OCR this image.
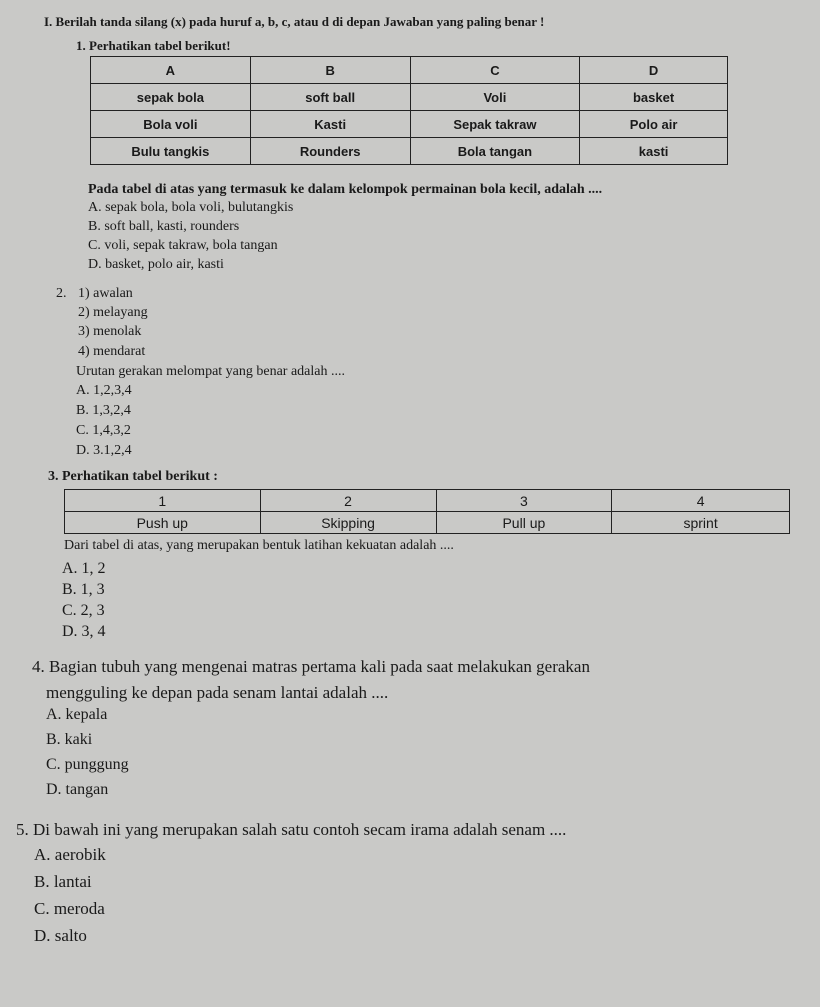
I. Berilah tanda silang (x) pada huruf a, b, c, atau d di depan Jawaban yang paling benar !
1. Perhatikan tabel berikut!
A	B	C	D
sepak bola	soft ball	Voli	basket
Bola voli	Kasti	Sepak takraw	Polo air
Bulu tangkis	Rounders	Bola tangan	kasti
Pada tabel di atas yang termasuk ke dalam kelompok permainan bola kecil, adalah ....
A. sepak bola, bola voli, bulutangkis
B. soft ball, kasti, rounders
C. voli, sepak takraw, bola tangan
D. basket, polo air, kasti
2. 1) awalan
2) melayang
3) menolak
4) mendarat
Urutan gerakan melompat yang benar adalah ....
A. 1,2,3,4
B. 1,3,2,4
C. 1,4,3,2
D. 3.1,2,4
3. Perhatikan tabel berikut :
1	2	3	4
Push up	Skipping	Pull up	sprint
Dari tabel di atas, yang merupakan bentuk latihan kekuatan adalah ....
A. 1, 2
B. 1, 3
C. 2, 3
D. 3, 4
4. Bagian tubuh yang mengenai matras pertama kali pada saat melakukan gerakan
mengguling ke depan pada senam lantai adalah ....
A. kepala
B. kaki
C. punggung
D. tangan
5. Di bawah ini yang merupakan salah satu contoh secam irama adalah senam ....
A. aerobik
B. lantai
C. meroda
D. salto
